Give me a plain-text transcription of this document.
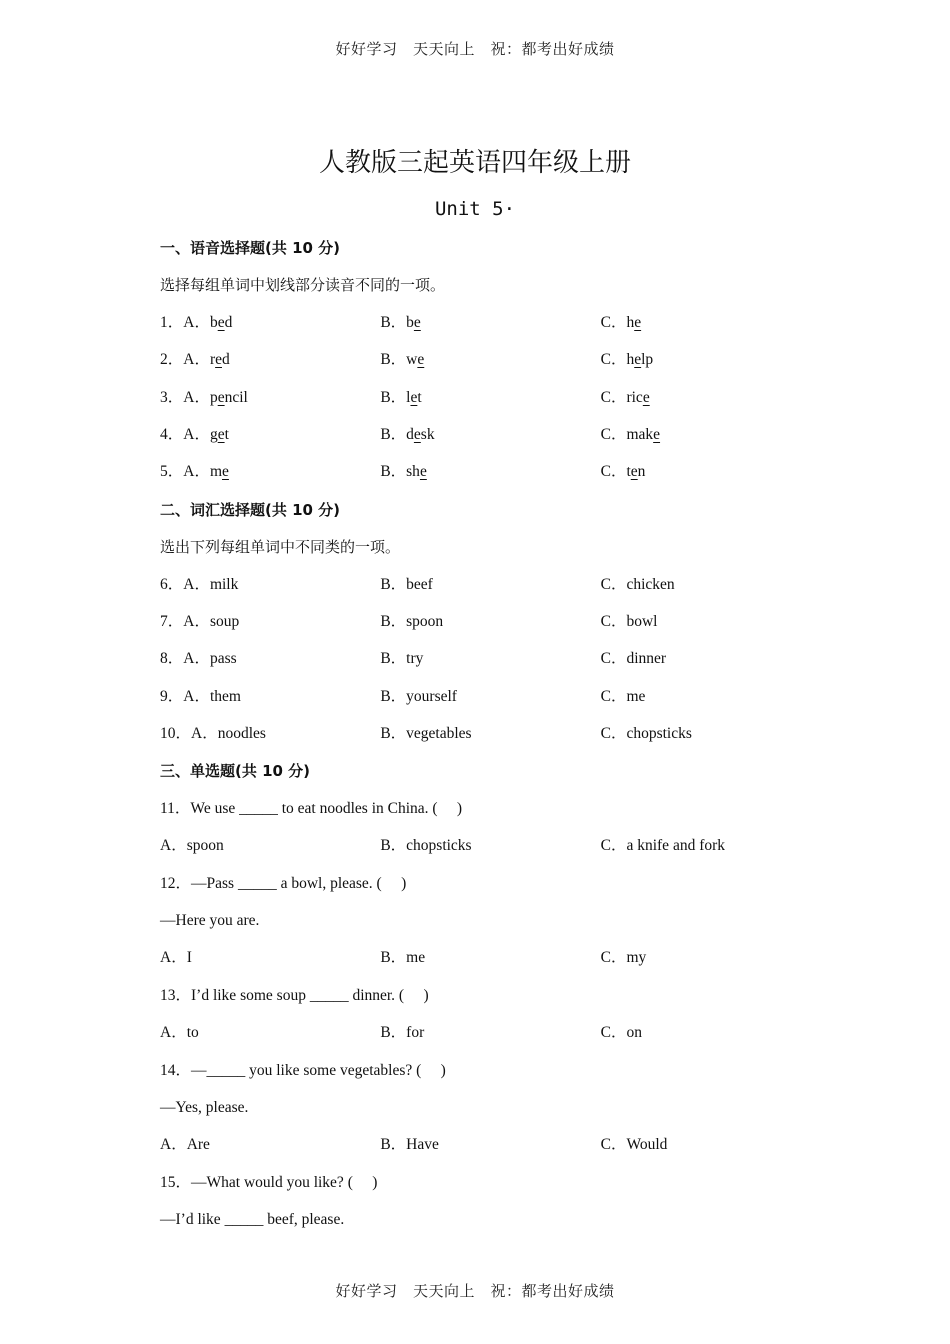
好好学习　天天向上　祝：都考出好成绩
人教版三起英语四年级上册
Unit 5·
一、语音选择题(共 10 分)
选择每组单词中划线部分读音不同的一项。
1．A．bed	B．be	C．he
2．A．red	B．we	C．help
3．A．pencil	B．let	C．rice
4．A．get	B．desk	C．make
5．A．me	B．she	C．ten
二、词汇选择题(共 10 分)
选出下列每组单词中不同类的一项。
6．A．milk	B．beef	C．chicken
7．A．soup	B．spoon	C．bowl
8．A．pass	B．try	C．dinner
9．A．them	B．yourself	C．me
10．A．noodles	B．vegetables	C．chopsticks
三、单选题(共 10 分)
11．We use _____ to eat noodles in China. (　 )
A．spoon	B．chopsticks	C．a knife and fork
12．—Pass _____ a bowl, please. (　 )
—Here you are.
A．I	B．me	C．my
13．I’d like some soup _____ dinner. (　 )
A．to	B．for	C．on
14．—_____ you like some vegetables? (　 )
—Yes, please.
A．Are	B．Have	C．Would
15．—What would you like? (　 )
—I’d like _____ beef, please.
好好学习　天天向上　祝：都考出好成绩
